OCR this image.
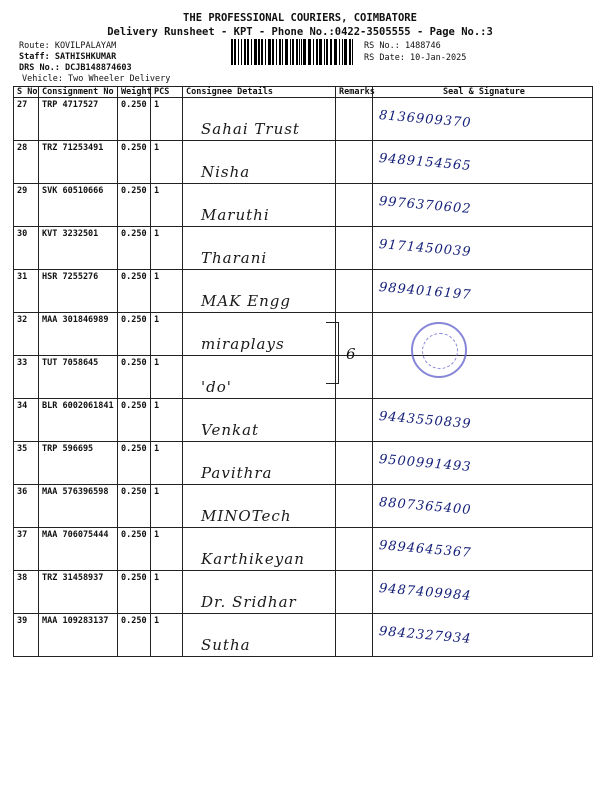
THE PROFESSIONAL COURIERS, COIMBATORE
Delivery Runsheet - KPT - Phone No.:0422-3505555 - Page No.:3
Route: KOVILPALAYAM
Staff: SATHISHKUMAR
DRS No.: DCJB148874603
Vehicle: Two Wheeler Delivery
RS No.: 1488746
RS Date: 10-Jan-2025
S No	Consignment No	Weight	PCS	Consignee Details	Remarks	Seal & Signature
27	TRP 4717527	0.250	1	Sahai Trust		8136909370

28	TRZ 71253491	0.250	1	Nisha		9489154565

29	SVK 60510666	0.250	1	Maruthi		9976370602

30	KVT 3232501	0.250	1	Tharani		9171450039

31	HSR 7255276	0.250	1	MAK Engg		9894016197

32	MAA 301846989	0.250	1	miraplays		

33	TUT 7058645	0.250	1	'do'		

34	BLR 6002061841	0.250	1	Venkat		9443550839

35	TRP 596695	0.250	1	Pavithra		9500991493

36	MAA 576396598	0.250	1	MINOTech		8807365400

37	MAA 706075444	0.250	1	Karthikeyan		9894645367

38	TRZ 31458937	0.250	1	Dr. Sridhar		9487409984

39	MAA 109283137	0.250	1	Sutha		9842327934
6
